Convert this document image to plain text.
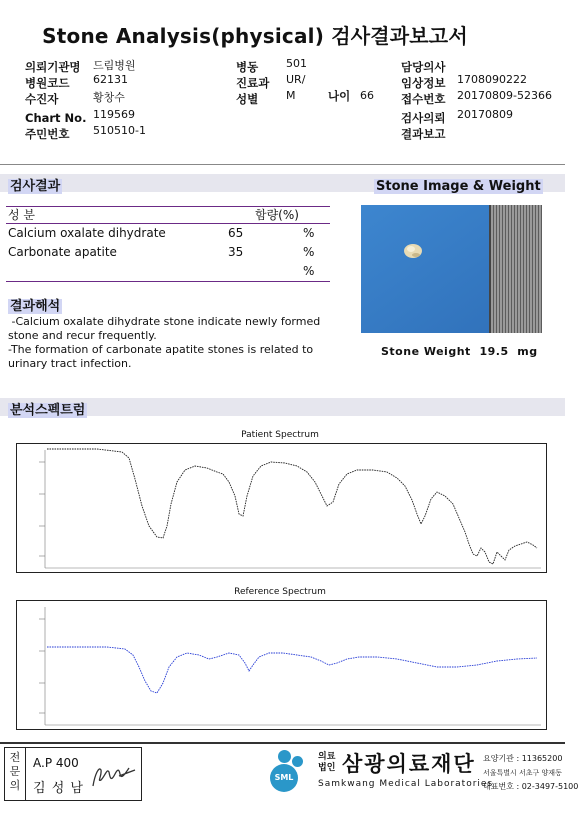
Stone Analysis(physical) 검사결과보고서
의뢰기관명 드림병원
병원코드 62131
수진자	황창수
Chart No. 119569
주민번호 510510-1
병동	501
진료과 UR/
성별	M	나이 66
담당의사
임상정보 1708090222
접수번호 20170809-52366
검사의뢰 20170809
결과보고
검사결과	Stone Image & Weight
성 분	함량(%)
Calcium oxalate dihydrate	65	%
Carbonate apatite	35	%
%
Stone Weight  19.5  mg
결과해석
-Calcium oxalate dihydrate stone indicate newly formed
stone and recur frequently.
-The formation of carbonate apatite stones is related to
urinary tract infection.
분석스펙트럼
Patient Spectrum
Reference Spectrum
전문의
A.P 400
김 성 남
SML
의료
법인 삼광의료재단
Samkwang Medical Laboratories
요양기관 : 11365200
서울특별시 서초구 양재동
대표번호 : 02-3497-5100
